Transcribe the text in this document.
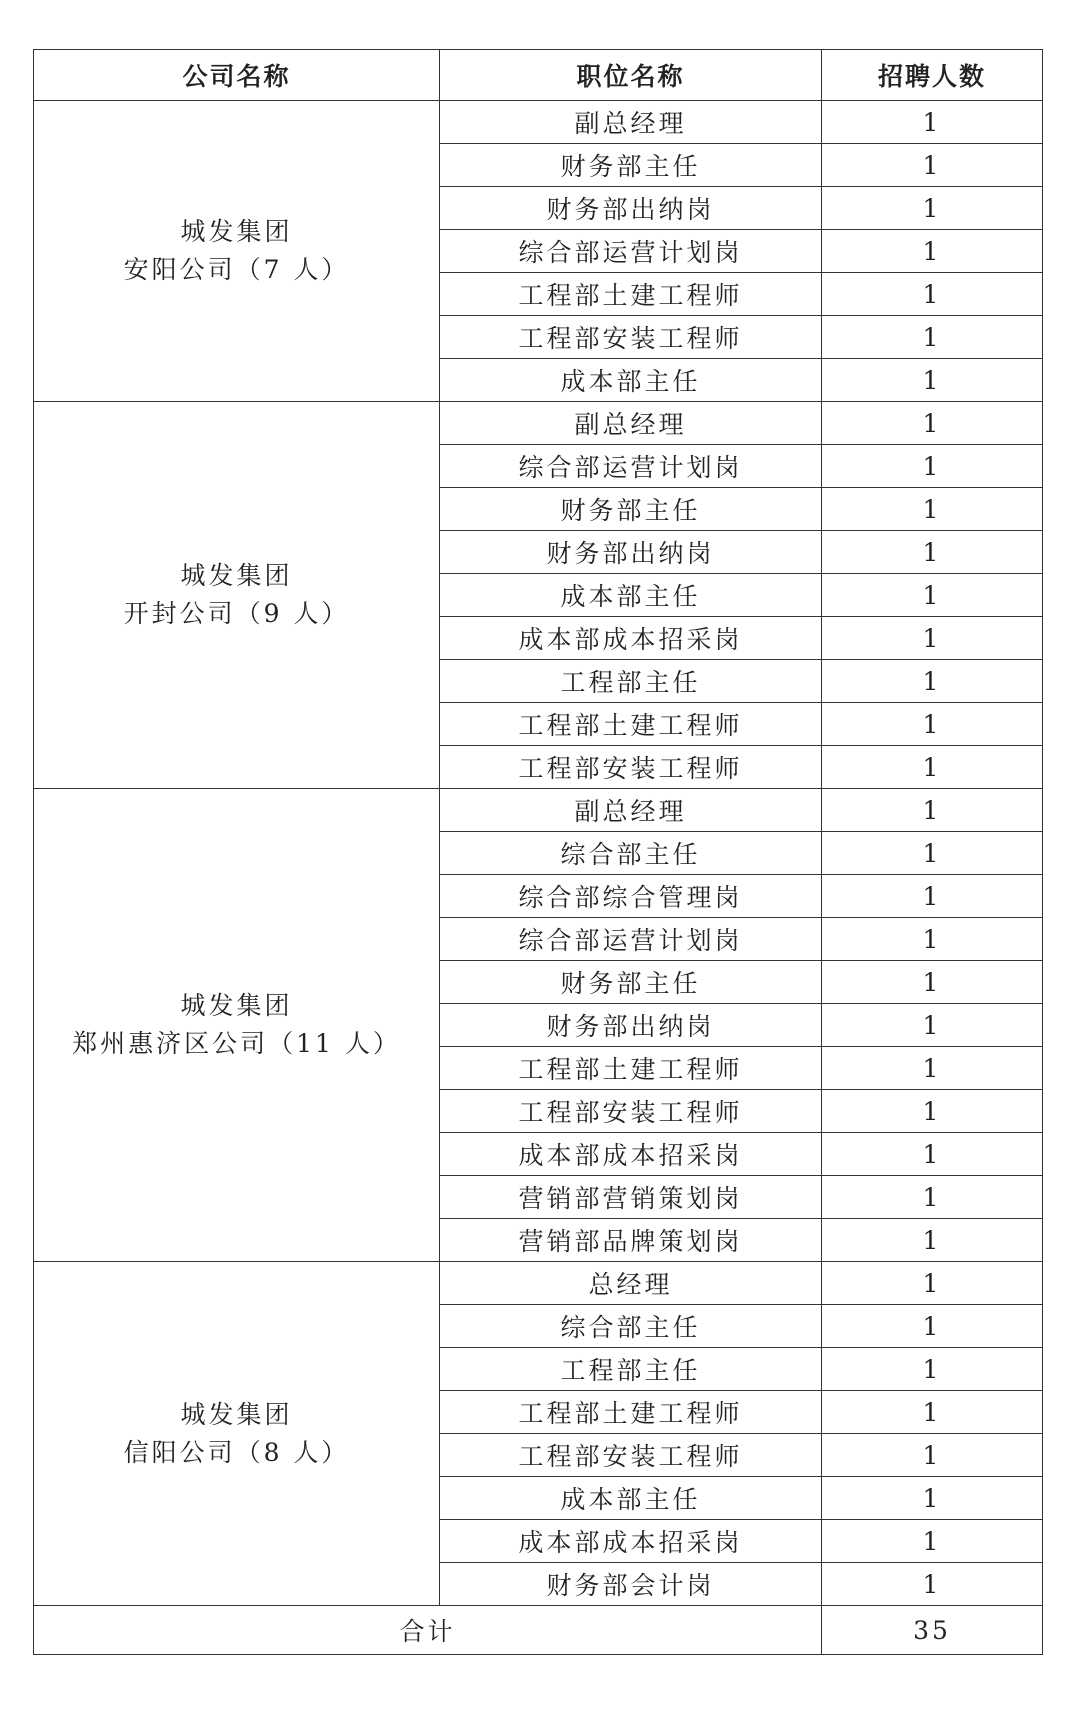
公司名称	职位名称	招聘人数

城发集团
安阳公司（7 人）	副总经理	1
	财务部主任	1
	财务部出纳岗	1
	综合部运营计划岗	1
	工程部土建工程师	1
	工程部安装工程师	1
	成本部主任	1

城发集团
开封公司（9 人）	副总经理	1
	综合部运营计划岗	1
	财务部主任	1
	财务部出纳岗	1
	成本部主任	1
	成本部成本招采岗	1
	工程部主任	1
	工程部土建工程师	1
	工程部安装工程师	1

城发集团
郑州惠济区公司（11 人）	副总经理	1
	综合部主任	1
	综合部综合管理岗	1
	综合部运营计划岗	1
	财务部主任	1
	财务部出纳岗	1
	工程部土建工程师	1
	工程部安装工程师	1
	成本部成本招采岗	1
	营销部营销策划岗	1
	营销部品牌策划岗	1

城发集团
信阳公司（8 人）	总经理	1
	综合部主任	1
	工程部主任	1
	工程部土建工程师	1
	工程部安装工程师	1
	成本部主任	1
	成本部成本招采岗	1
	财务部会计岗	1
合计		35
